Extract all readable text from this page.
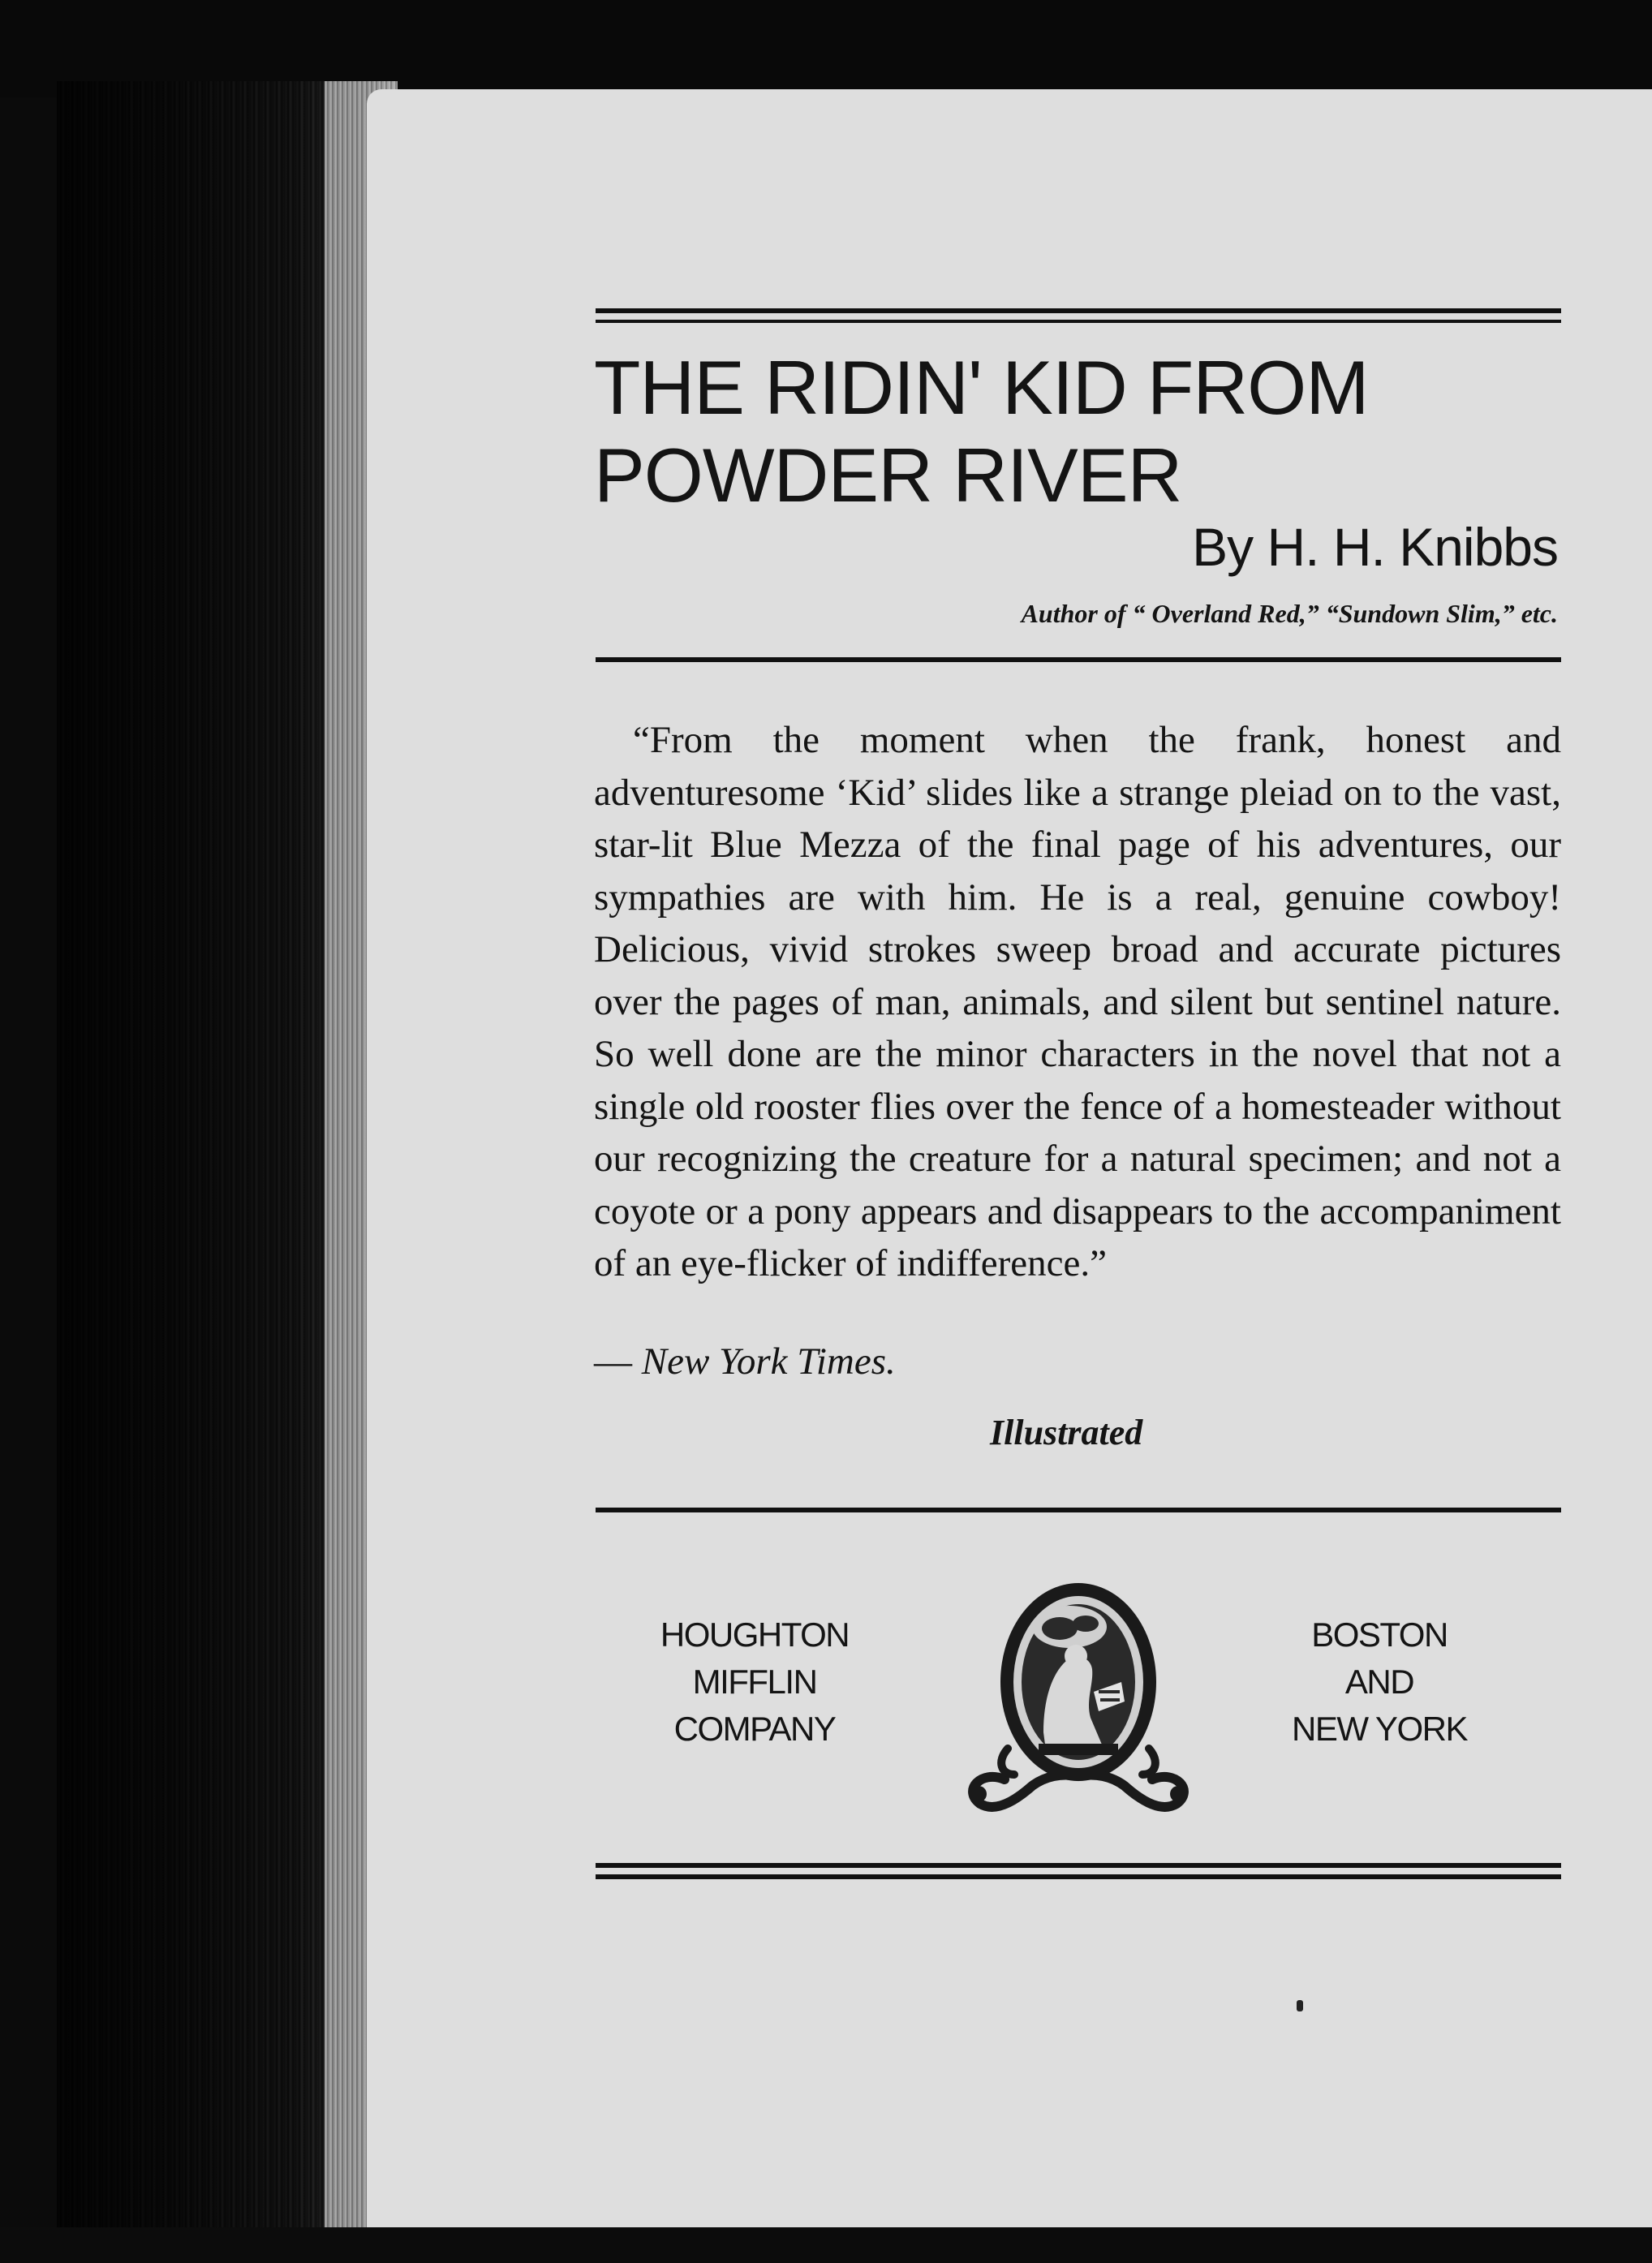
THE RIDIN' KID FROM
POWDER RIVER
By H. H. Knibbs
Author of “ Overland Red,” “Sundown Slim,” etc.

“From the moment when the frank, honest and adventuresome ‘Kid’ slides like a strange pleiad on to the vast, star-lit Blue Mezza of the final page of his adventures, our sympathies are with him. He is a real, genuine cowboy! Delicious, vivid strokes sweep broad and accurate pictures over the pages of man, animals, and silent but sentinel nature. So well done are the minor characters in the novel that not a single old rooster flies over the fence of a homesteader without our recognizing the creature for a natural specimen; and not a coyote or a pony appears and disappears to the accompaniment of an eye-flicker of indifference.”

— New York Times.
Illustrated
HOUGHTON
MIFFLIN
COMPANY
BOSTON
AND
NEW YORK
